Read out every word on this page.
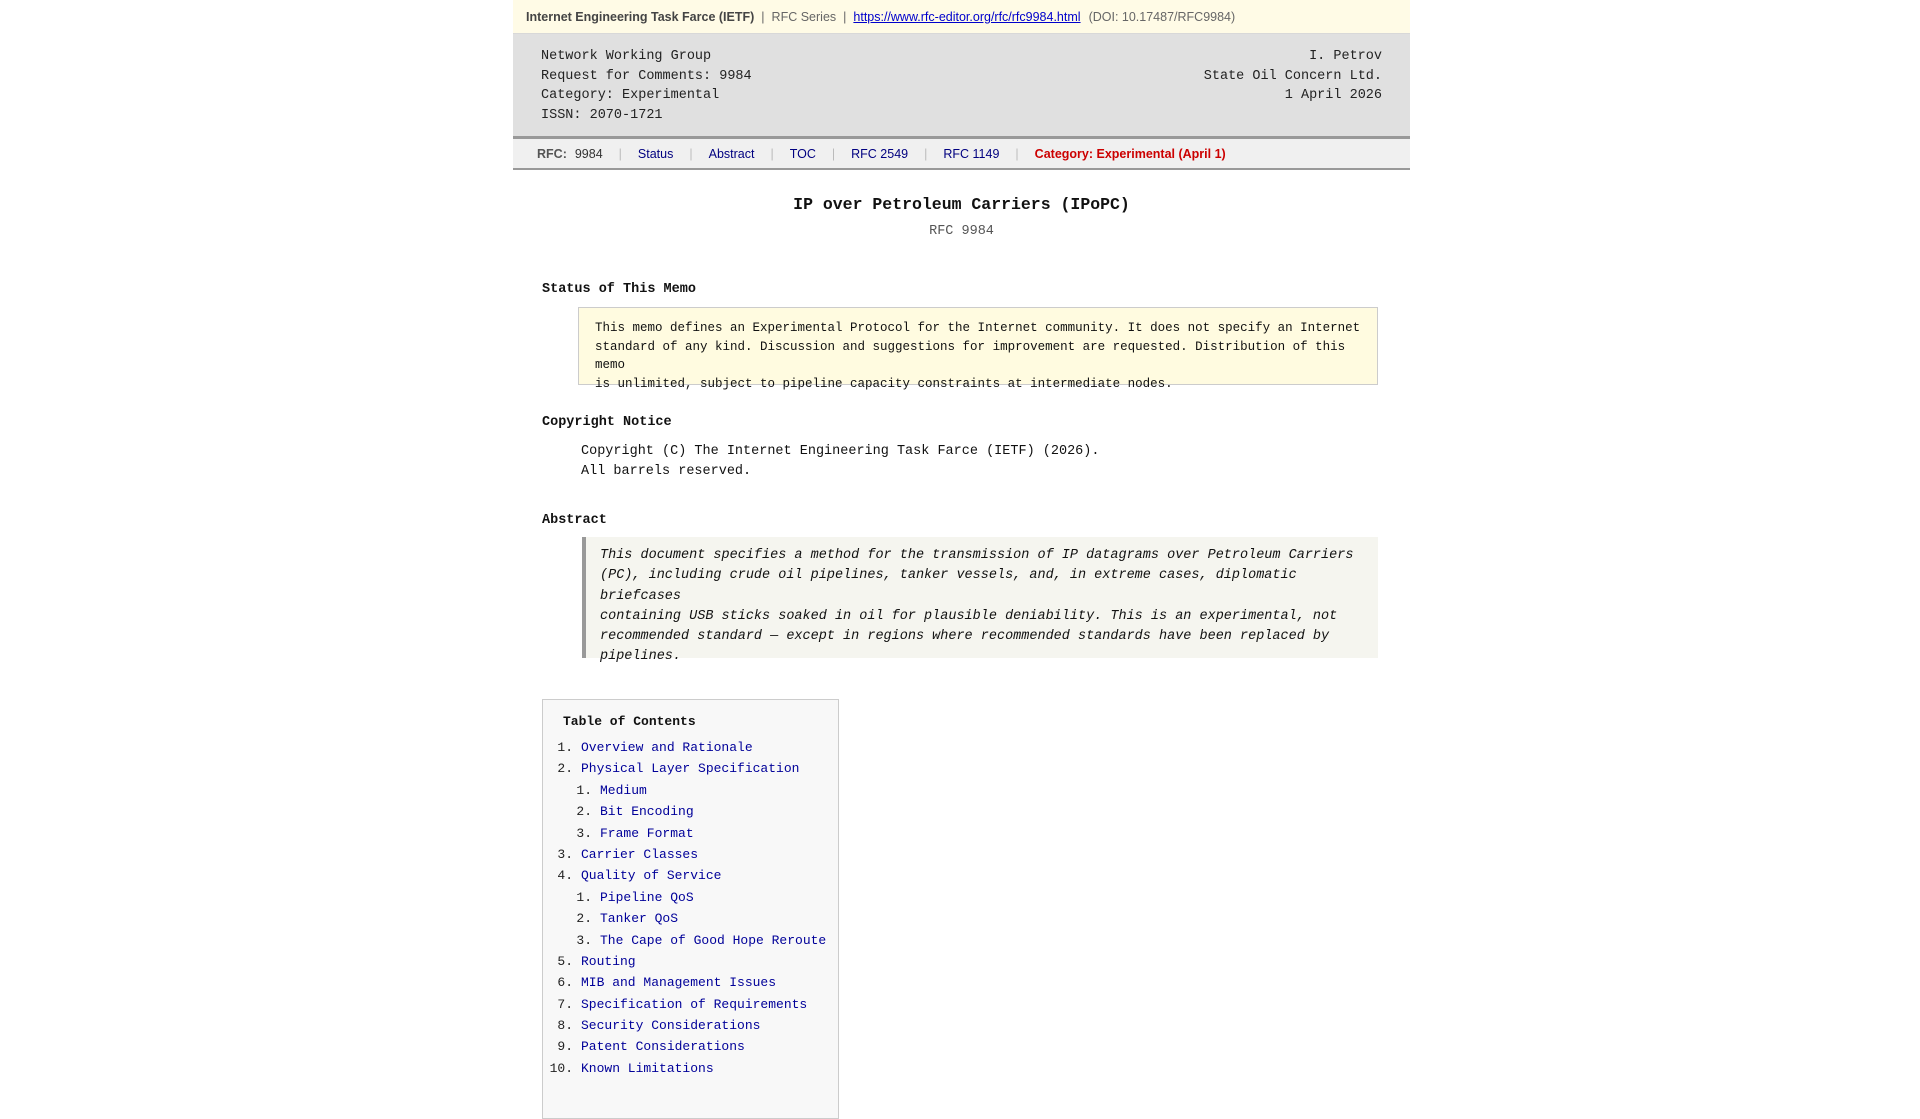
Internet Engineering Task Farce (IETF) | RFC Series | https://www.rfc-editor.org/rfc/rfc9984.html (DOI: 10.17487/RFC9984)
Network Working Group
Request for Comments: 9984
Category: Experimental
ISSN: 2070-1721
I. Petrov
State Oil Concern Ltd.
1 April 2026
RFC: 9984 | Status | Abstract | TOC | RFC 2549 | RFC 1149 | Category: Experimental (April 1)
IP over Petroleum Carriers (IPoPC)
RFC 9984
Status of This Memo
This memo defines an Experimental Protocol for the Internet community. It does not specify an Internet
standard of any kind. Discussion and suggestions for improvement are requested. Distribution of this memo
is unlimited, subject to pipeline capacity constraints at intermediate nodes.
Copyright Notice
Copyright (C) The Internet Engineering Task Farce (IETF) (2026).
All barrels reserved.
Abstract
This document specifies a method for the transmission of IP datagrams over Petroleum Carriers
(PC), including crude oil pipelines, tanker vessels, and, in extreme cases, diplomatic briefcases
containing USB sticks soaked in oil for plausible deniability. This is an experimental, not
recommended standard — except in regions where recommended standards have been replaced by
pipelines.
Table of Contents
1. Overview and Rationale
2. Physical Layer Specification
1. Medium
2. Bit Encoding
3. Frame Format
3. Carrier Classes
4. Quality of Service
1. Pipeline QoS
2. Tanker QoS
3. The Cape of Good Hope Reroute
5. Routing
6. MIB and Management Issues
7. Specification of Requirements
8. Security Considerations
9. Patent Considerations
10. Known Limitations
